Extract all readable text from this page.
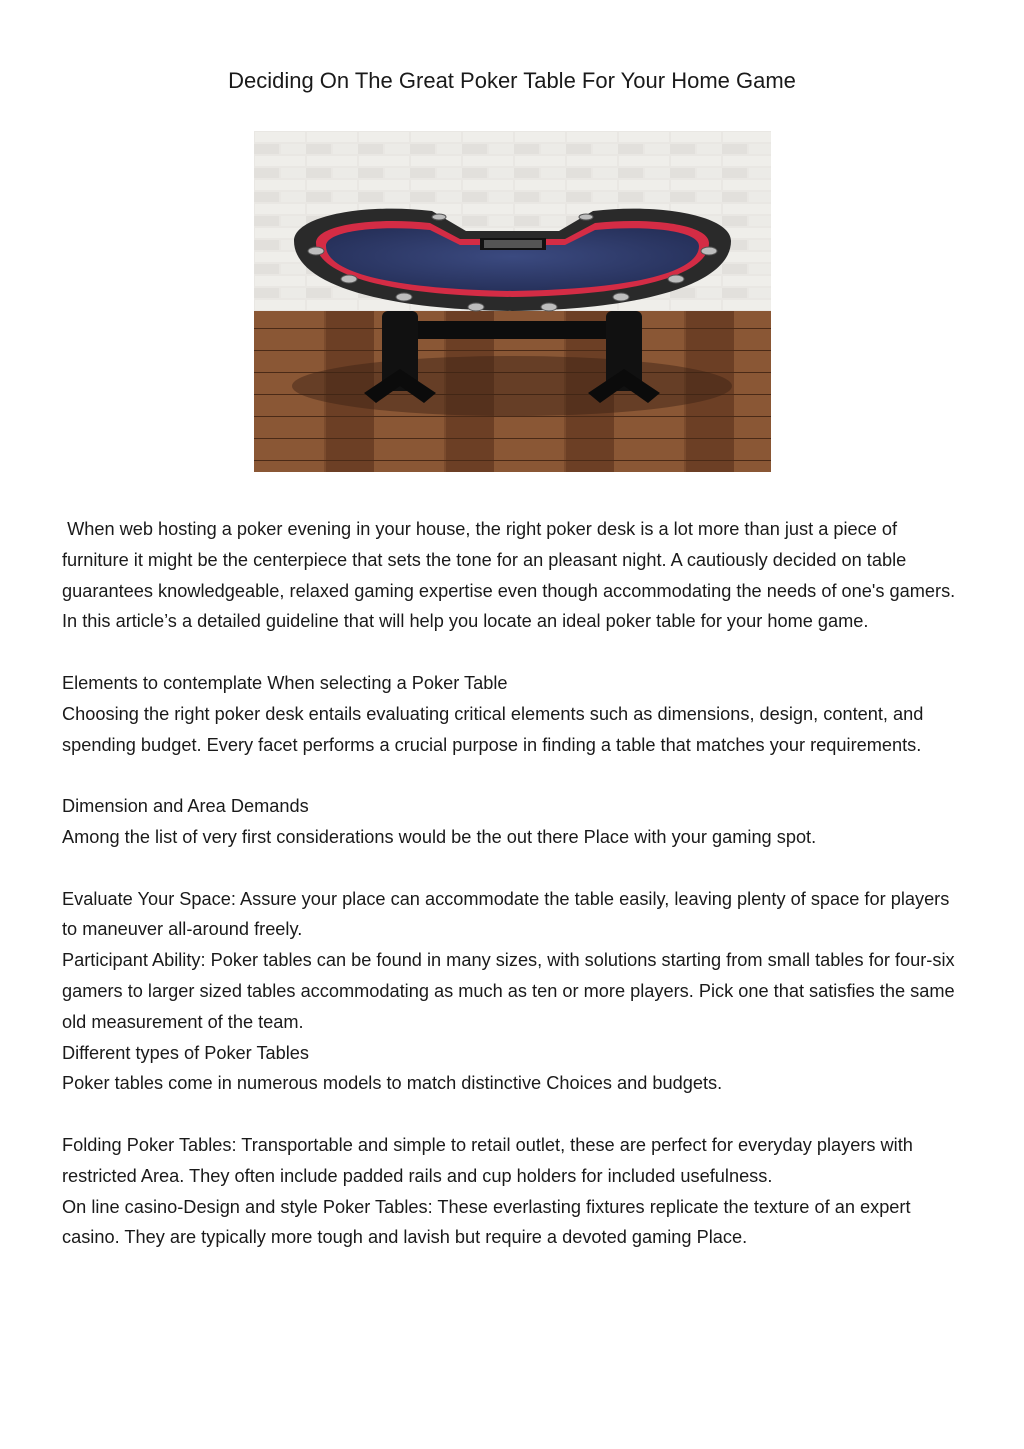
Deciding On The Great Poker Table For Your Home Game

When web hosting a poker evening in your house, the right poker desk is a lot more than just a piece of furniture it might be the centerpiece that sets the tone for an pleasant night. A cautiously decided on table guarantees knowledgeable, relaxed gaming expertise even though accommodating the needs of one's gamers. In this article’s a detailed guideline that will help you locate an ideal poker table for your home game.

Elements to contemplate When selecting a Poker Table

Choosing the right poker desk entails evaluating critical elements such as dimensions, design, content, and spending budget. Every facet performs a crucial purpose in finding a table that matches your requirements.

Dimension and Area Demands

Among the list of very first considerations would be the out there Place with your gaming spot.

Evaluate Your Space: Assure your place can accommodate the table easily, leaving plenty of space for players to maneuver all-around freely.

Participant Ability: Poker tables can be found in many sizes, with solutions starting from small tables for four-six gamers to larger sized tables accommodating as much as ten or more players. Pick one that satisfies the same old measurement of the team.

Different types of Poker Tables

Poker tables come in numerous models to match distinctive Choices and budgets.

Folding Poker Tables: Transportable and simple to retail outlet, these are perfect for everyday players with restricted Area. They often include padded rails and cup holders for included usefulness.

On line casino-Design and style Poker Tables: These everlasting fixtures replicate the texture of an expert casino. They are typically more tough and lavish but require a devoted gaming Place.
